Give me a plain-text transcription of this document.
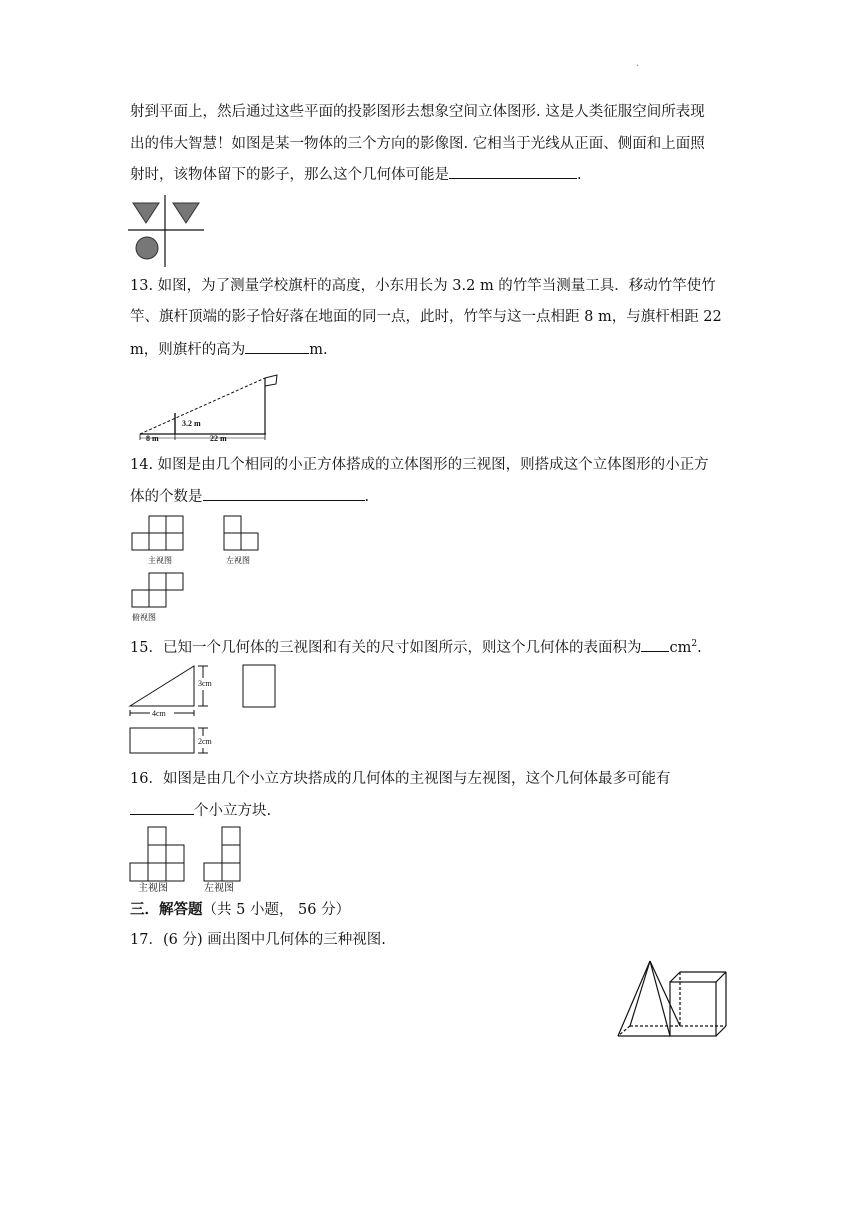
.
射到平面上，然后通过这些平面的投影图形去想象空间立体图形. 这是人类征服空间所表现
出的伟大智慧！如图是某一物体的三个方向的影像图. 它相当于光线从正面、侧面和上面照
射时，该物体留下的影子，那么这个几何体可能是	.
13. 如图，为了测量学校旗杆的高度，小东用长为 3.2 m 的竹竿当测量工具．移动竹竿使竹
竿、旗杆顶端的影子恰好落在地面的同一点，此时，竹竿与这一点相距 8 m，与旗杆相距 22
m，则旗杆的高为	m.
3.2 m
8 m	22 m
14. 如图是由几个相同的小正方体搭成的立体图形的三视图，则搭成这个立体图形的小正方
体的个数是	.
主视图	左视图
俯视图
15．已知一个几何体的三视图和有关的尺寸如图所示，则这个几何体的表面积为 $cm^2$.
3cm
4cm
2cm
16．如图是由几个小立方块搭成的几何体的主视图与左视图，这个几何体最多可能有
个小立方块.
主视图	左视图
三．解答题（共 5 小题， 56 分）
17．(6 分) 画出图中几何体的三种视图.
